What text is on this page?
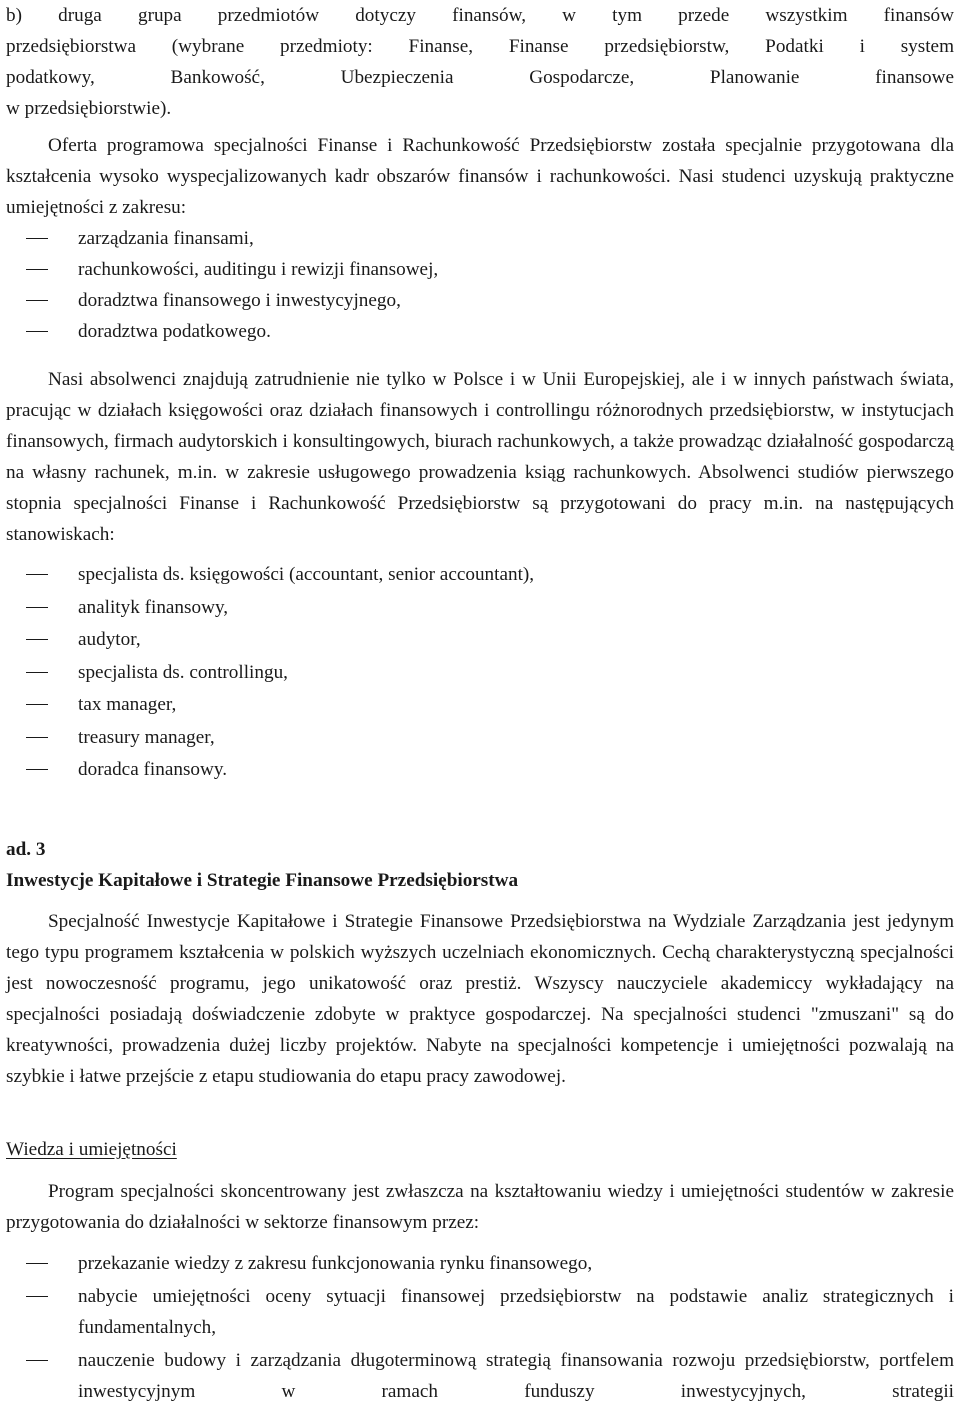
b) druga grupa przedmiotów dotyczy finansów, w tym przede wszystkim finansów

przedsiębiorstwa (wybrane przedmioty: Finanse, Finanse przedsiębiorstw, Podatki i system

podatkowy, Bankowość, Ubezpieczenia Gospodarcze, Planowanie finansowe

w przedsiębiorstwie).

Oferta programowa specjalności Finanse i Rachunkowość Przedsiębiorstw została specjalnie przygotowana dla kształcenia wysoko wyspecjalizowanych kadr obszarów finansów i rachunkowości. Nasi studenci uzyskują praktyczne umiejętności z zakresu:

zarządzania finansami,
rachunkowości, auditingu i rewizji finansowej,
doradztwa finansowego i inwestycyjnego,
doradztwa podatkowego.

Nasi absolwenci znajdują zatrudnienie nie tylko w Polsce i w Unii Europejskiej, ale i w innych państwach świata, pracując w działach księgowości oraz działach finansowych i controllingu różnorodnych przedsiębiorstw, w instytucjach finansowych, firmach audytorskich i konsultingowych, biurach rachunkowych, a także prowadząc działalność gospodarczą na własny rachunek, m.in. w zakresie usługowego prowadzenia ksiąg rachunkowych. Absolwenci studiów pierwszego stopnia specjalności Finanse i Rachunkowość Przedsiębiorstw są przygotowani do pracy m.in. na następujących stanowiskach:

specjalista ds. księgowości (accountant, senior accountant),
analityk finansowy,
audytor,
specjalista ds. controllingu,
tax manager,
treasury manager,
doradca finansowy.

ad. 3

Inwestycje Kapitałowe i Strategie Finansowe Przedsiębiorstwa

Specjalność Inwestycje Kapitałowe i Strategie Finansowe Przedsiębiorstwa na Wydziale Zarządzania jest jedynym tego typu programem kształcenia w polskich wyższych uczelniach ekonomicznych. Cechą charakterystyczną specjalności jest nowoczesność programu, jego unikatowość oraz prestiż. Wszyscy nauczyciele akademiccy wykładający na specjalności posiadają doświadczenie zdobyte w praktyce gospodarczej. Na specjalności studenci "zmuszani" są do kreatywności, prowadzenia dużej liczby projektów. Nabyte na specjalności kompetencje i umiejętności pozwalają na szybkie i łatwe przejście z etapu studiowania do etapu pracy zawodowej.

Wiedza i umiejętności

Program specjalności skoncentrowany jest zwłaszcza na kształtowaniu wiedzy i umiejętności studentów w zakresie przygotowania do działalności w sektorze finansowym przez:

przekazanie wiedzy z zakresu funkcjonowania rynku finansowego,
nabycie umiejętności oceny sytuacji finansowej przedsiębiorstw na podstawie analiz strategicznych i fundamentalnych,
nauczenie budowy i zarządzania długoterminową strategią finansowania rozwoju przedsiębiorstw, portfelem inwestycyjnym w ramach funduszy inwestycyjnych, strategii
